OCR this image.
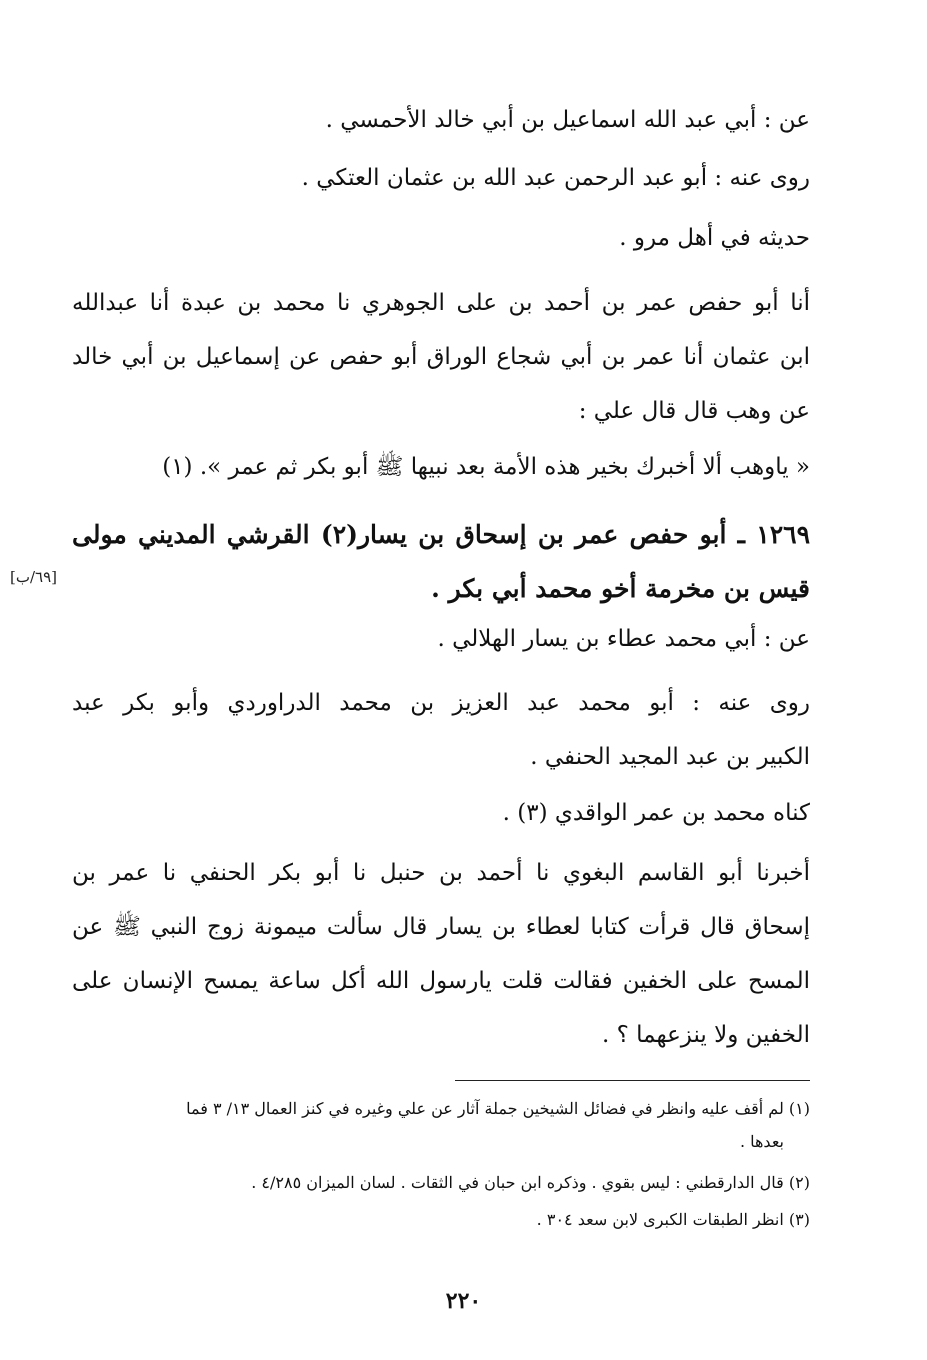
عن : أبي عبد الله اسماعيل بن أبي خالد الأحمسي .
روى عنه : أبو عبد الرحمن عبد الله بن عثمان العتكي .
حديثه في أهل مرو .
أنا أبو حفص عمر بن أحمد بن على الجوهري نا محمد بن عبدة أنا عبدالله
ابن عثمان أنا عمر بن أبي شجاع الوراق أبو حفص عن إسماعيل بن أبي خالد
عن وهب قال قال علي :
« ياوهب ألا أخبرك بخير هذه الأمة بعد نبيها ﷺ أبو بكر ثم عمر ». (١)
١٢٦٩ ـ أبو حفص عمر بن إسحاق بن يسار(٢) القرشي المديني مولى
قيس بن مخرمة أخو محمد أبي بكر .
[٦٩/ب]
عن : أبي محمد عطاء بن يسار الهلالي .
روى عنه : أبو محمد عبد العزيز بن محمد الدراوردي وأبو بكر عبد
الكبير بن عبد المجيد الحنفي .
كناه محمد بن عمر الواقدي (٣) .
أخبرنا أبو القاسم البغوي نا أحمد بن حنبل نا أبو بكر الحنفي نا عمر بن
إسحاق قال قرأت كتابا لعطاء بن يسار قال سألت ميمونة زوج النبي ﷺ عن
المسح على الخفين فقالت قلت يارسول الله أكل ساعة يمسح الإنسان على
الخفين ولا ينزعهما ؟ .

(١) لم أقف عليه وانظر في فضائل الشيخين جملة آثار عن علي وغيره في كنز العمال ١٣/ ٣ فما
بعدها .

(٢) قال الدارقطني : ليس بقوي . وذكره ابن حبان في الثقات . لسان الميزان ٤/٢٨٥ .

(٣) انظر الطبقات الكبرى لابن سعد ٣٠٤ .

٢٢٠
